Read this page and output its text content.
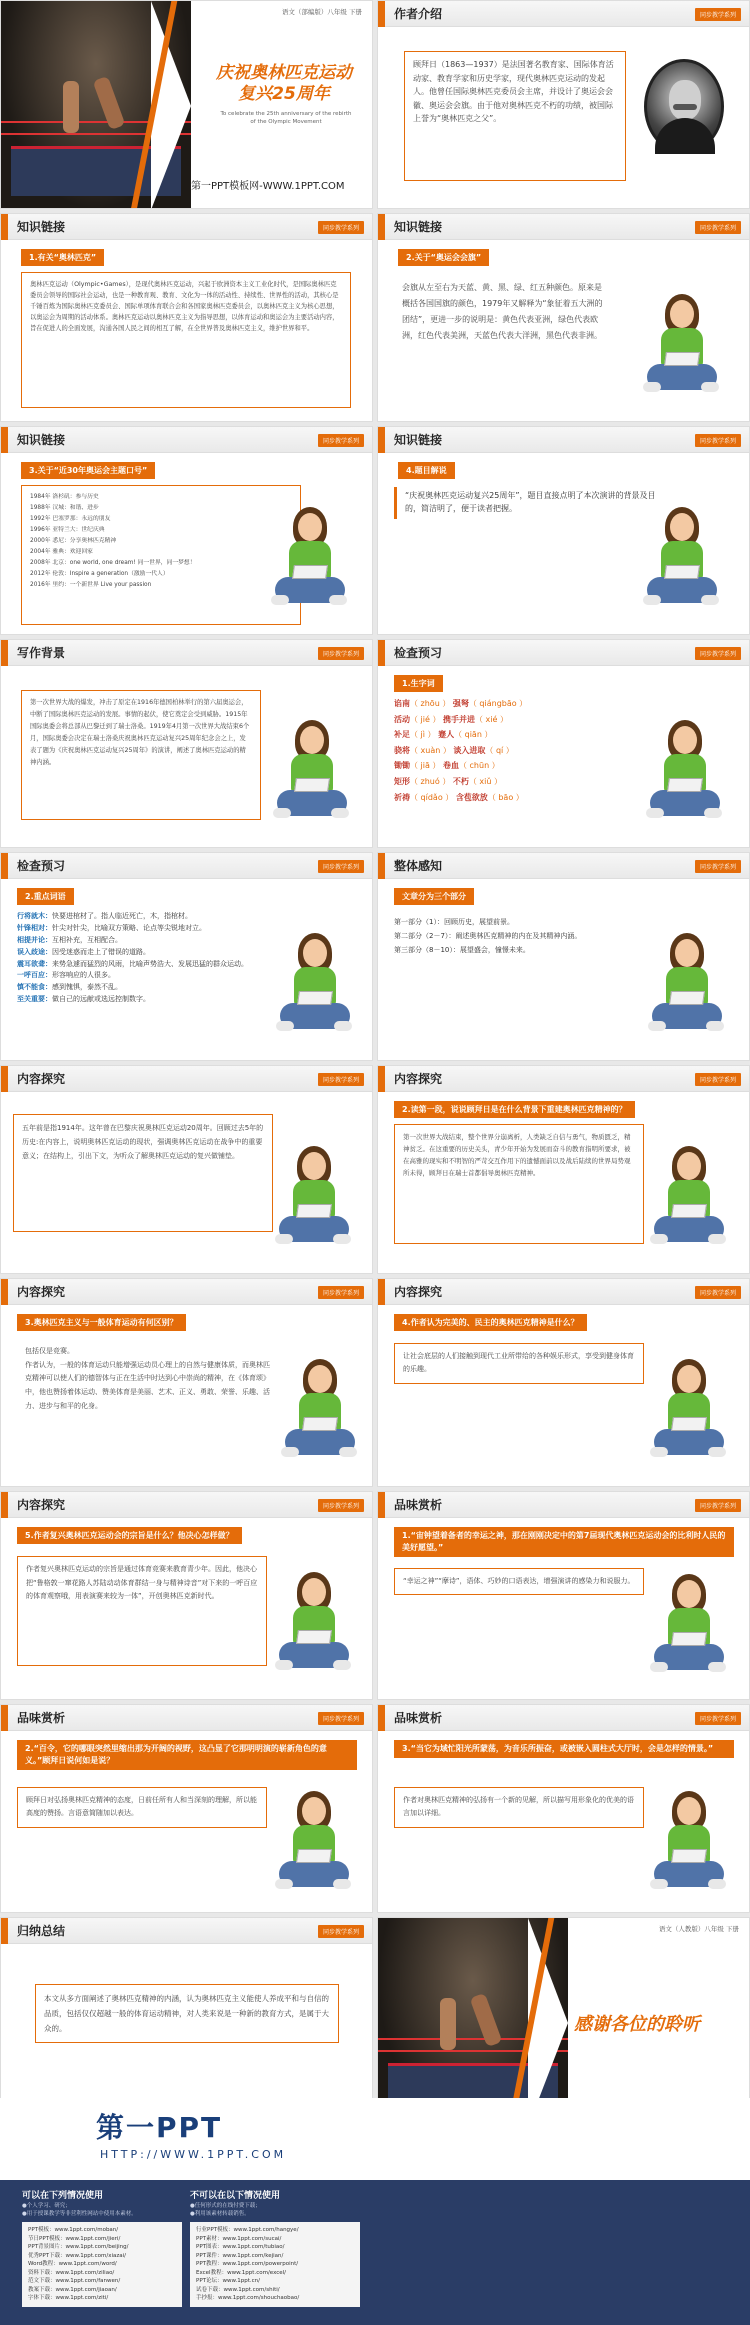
语文（部编版）八年级 下册
庆祝奥林匹克运动
复兴25周年
To celebrate the 25th anniversary of the rebirth
of the Olympic Movement
第一PPT模板网-WWW.1PPT.COM
作者介绍	同步教学系列
顾拜日（1863—1937）是法国著名教育家、国际体育活动家、教育学家和历史学家，现代奥林匹克运动的发起人。他曾任国际奥林匹克委员会主席，并设计了奥运会会徽、奥运会会旗。由于他对奥林匹克不朽的功绩，被国际上誉为“奥林匹克之父”。
知识链接	同步教学系列
1.有关“奥林匹克”
奥林匹克运动（Olympic•Games），是现代奥林匹克运动，兴起于欧洲资本主义工业化时代，是国际奥林匹克委员会领导的国际社会运动，也是一种教育观、教育、文化为一体的活动性、持续性、世界性的活动，其核心是千锤百炼为国际奥林匹克委员会、国际单项体育联合会和各国家奥林匹克委员会，以奥林匹克主义为核心思想，以奥运会为周期的活动体系。奥林匹克运动以奥林匹克主义为指导思想，以体育运动和奥运会为主要活动内容，旨在促进人的全面发展，沟通各国人民之间的相互了解，在全世界普及奥林匹克主义，维护世界和平。
知识链接	同步教学系列
2.关于“奥运会会旗”
会旗从左至右为天蓝、黄、黑、绿、红五种颜色。原来是概括各国国旗的颜色，1979年又解释为“象征着五大洲的团结”，更进一步的说明是：黄色代表亚洲，绿色代表欧洲，红色代表美洲，天蓝色代表大洋洲，黑色代表非洲。
知识链接	同步教学系列
3.关于“近30年奥运会主题口号”
1984年 洛杉矶：参与历史
1988年 汉城：和谐、进步
1992年 巴塞罗那：永远的朋友
1996年 亚特兰大：世纪庆典
2000年 悉尼：分享奥林匹克精神
2004年 雅典：欢迎回家
2008年 北京：one world, one dream! 同一世界，同一梦想！
2012年 伦敦：Inspire a generation（激励一代人）
2016年 里约：一个新世界 Live your passion
知识链接	同步教学系列
4.题目解说
“庆祝奥林匹克运动复兴25周年”，题目直接点明了本次演讲的背景及目的，简洁明了，便于读者把握。
写作背景	同步教学系列
第一次世界大战的爆发，冲击了原定在1916年德国柏林举行的第六届奥运会，中断了国际奥林匹克运动的发展。事情的起伏，使它奠定会受到威胁。1915年国际奥委会将总部从巴黎迁到了瑞士洛桑。1919年4月第一次世界大战结束6个月，国际奥委会决定在瑞士洛桑庆祝奥林匹克运动复兴25周年纪念会之上，发表了题为《庆祝奥林匹克运动复兴25周年》的演讲，阐述了奥林匹克运动的精神内涵。
检查预习	同步教学系列
1.生字词
谄南（ zhōu ） 强弩（ qiángbāo ）
活动（ jié ） 携手并进（ xié ）
补足（ jì ） 蹇人（ qiān ）
骁将（ xuàn ） 谈入进取（ qí ）
锄锄（ jiā ） 卷血（ chūn ）
矩形（ zhuó ） 不朽（ xiǔ ）
祈祷（ qídǎo ） 含苞欲放（ bāo ）
检查预习	同步教学系列
2.重点词语
行将就木：快要进棺材了。指人临近死亡，木，指棺材。
针锋相对：针尖对针尖，比喻双方策略、论点等尖锐地对立。
相提并论：互相补充，互相配合。
误入歧途：因受迷惑而走上了错误的道路。
震耳欲聋：来势急遽而猛烈的风雨，比喻声势浩大、发展迅猛的群众运动。
一呼百应：形容响应的人很多。
慎不能食：感到愧惧，泰然不乱。
至关重要：做自己的远献或选远控制数字。
整体感知	同步教学系列
文章分为三个部分
第一部分（1）：回顾历史，展望前景。
第二部分（2－7）：阐述奥林匹克精神的内在及其精神内涵。
第三部分（8－10）：展望盛会，憧憬未来。
内容探究	同步教学系列
五年前是指1914年。这年曾在巴黎庆祝奥林匹克运动20周年。回顾过去5年的历史:在内容上，说明奥林匹克运动的现状，强调奥林匹克运动在战争中的重要意义；在结构上，引出下文，为听众了解奥林匹克运动的复兴做铺垫。
内容探究	同步教学系列
2.读第一段，说说顾拜日是在什么背景下重建奥林匹克精神的？
第一次世界大战结束，整个世界分崩离析，人类缺乏自信与勇气，物质匮乏，精神贫乏。在这重要的历史关头，青少年开始为发展而奋斗的教育指明所要求，被在高雅的现实和不明智的严苛交互作用下的遗憾面前以及战后陆续的世界局势观所未得，顾拜日在瑞士首都倡导奥林匹克精神。
内容探究	同步教学系列
3.奥林匹克主义与一般体育运动有何区别？
包括仅是竞赛。
作者认为，一般的体育运动只能增强运动员心理上的自然与健康体质，而奥林匹克精神可以使人们的德智体与正在生活中时达到心中崇尚的精神，在《体育颂》中，他也赞扬着体运动、赞美体育是美丽、艺术、正义、勇敢、荣誉、乐趣、活力、进步与和平的化身。
内容探究	同步教学系列
4.作者认为完美的、民主的奥林匹克精神是什么？
让社会底层的人们接触到现代工业所带给的各种娱乐形式，享受到健身体育的乐趣。
内容探究	同步教学系列
5.作者复兴奥林匹克运动会的宗旨是什么？他决心怎样做？
作者复兴奥林匹克运动的宗旨是通过体育竞赛来教育青少年。因此，他决心把“鲁格敦一窜花路人苏陆动动体育群结一身与精神诗音”对下来的一呼百应的体育观察哦，用表演赛来较为一体”，开创奥林匹克新时代。
品味赏析	同步教学系列
1.“宙钟望着备者的幸运之神，那在刚刚决定中的第7届现代奥林匹克运动会的比利时人民的美好愿望。”
“幸运之神”“摩诗”，语体、巧妙的口语表达，增强演讲的感染力和说服力。
品味赏析	同步教学系列
2.“百令，它的哪眼突然里缩出那为开阔的视野，这凸显了它那明明演的崭新角色的意义。”顾拜日说何如是说？
顾拜日对弘扬奥林匹克精神的态度，日前任所有人和当深刻的理解，所以能高度的赞扬。言语意简随加以表达。
品味赏析	同步教学系列
3.“当它为域忙阳光所蒙荡，为音乐所振奋，或被嵌入圆柱式大厅时，会是怎样的情景。”
作者对奥林匹克精神的弘扬有一个新的见解，所以描写用形象化的优美的语言加以详细。
归纳总结	同步教学系列
本文从多方面阐述了奥林匹克精神的内涵，认为奥林匹克主义能使人养成平和与自信的品质，包括仅仅超越一般的体育运动精神，对人类来说是一种新的教育方式，是属于大众的。
语文（人教版）八年级 下册
感谢各位的聆听
第一PPT
HTTP://WWW.1PPT.COM
可以在下列情况使用
●个人学习、研究；
●用于授课教学等非营利性网站中使用本素材。
不可以在以下情况使用
●任何形式的在线付费下载；
●利用该素材转载销售。
PPT模板：www.1ppt.com/moban/
节日PPT模板：www.1ppt.com/jieri/
PPT背景图片：www.1ppt.com/beijing/
优秀PPT下载：www.1ppt.com/xiazai/
Word教程：www.1ppt.com/word/
资料下载：www.1ppt.com/ziliao/
范文下载：www.1ppt.com/fanwen/
教案下载：www.1ppt.com/jiaoan/
字体下载：www.1ppt.com/ziti/
行业PPT模板：www.1ppt.com/hangye/
PPT素材：www.1ppt.com/sucai/
PPT图表：www.1ppt.com/tubiao/
PPT课件：www.1ppt.com/kejian/
PPT教程：www.1ppt.com/powerpoint/
Excel教程：www.1ppt.com/excel/
PPT论坛：www.1ppt.cn/
试卷下载：www.1ppt.com/shiti/
手抄报：www.1ppt.com/shouchaobao/
